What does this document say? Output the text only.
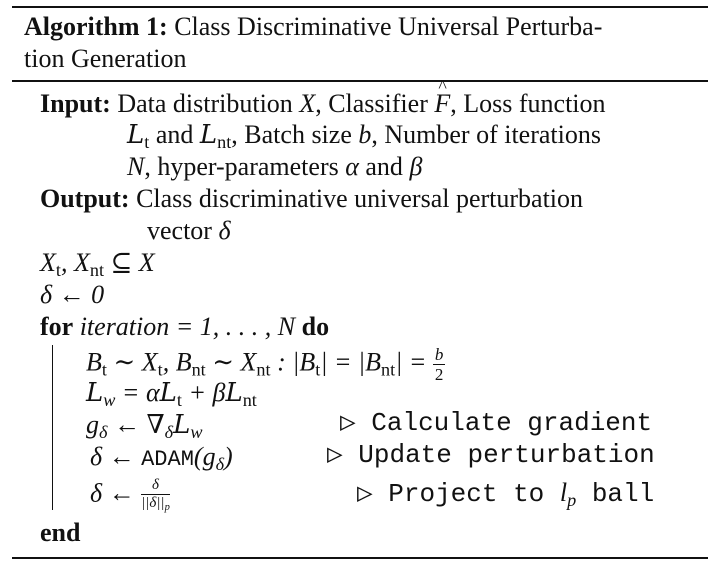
Algorithm 1: Class Discriminative Universal Perturba-
tion Generation
Input: Data distribution X, Classifier ^ F, Loss function
$L_t$ and $L_{nt}$, Batch size b, Number of iterations
N, hyper-parameters α and β
Output: Class discriminative universal perturbation
vector δ
$X_t$, $X_{nt}$ ⊆ X
δ ← 0
for iteration = 1, . . . , N do
$B_t$ ∼ $X_t$, $B_{nt}$ ∼ $X_{nt}$ : $|B_t| = |B_{nt}| = \frac{b}{2}$
$Lw = \alpha L_t + \beta L_{nt}$
gδ ← ∇δLw	▷ Calculate gradient
δ ← ADAM(gδ)	▷ Update perturbation
δ ← $\frac{\delta}{||\delta||p}$	▷ Project to lp ball
end
